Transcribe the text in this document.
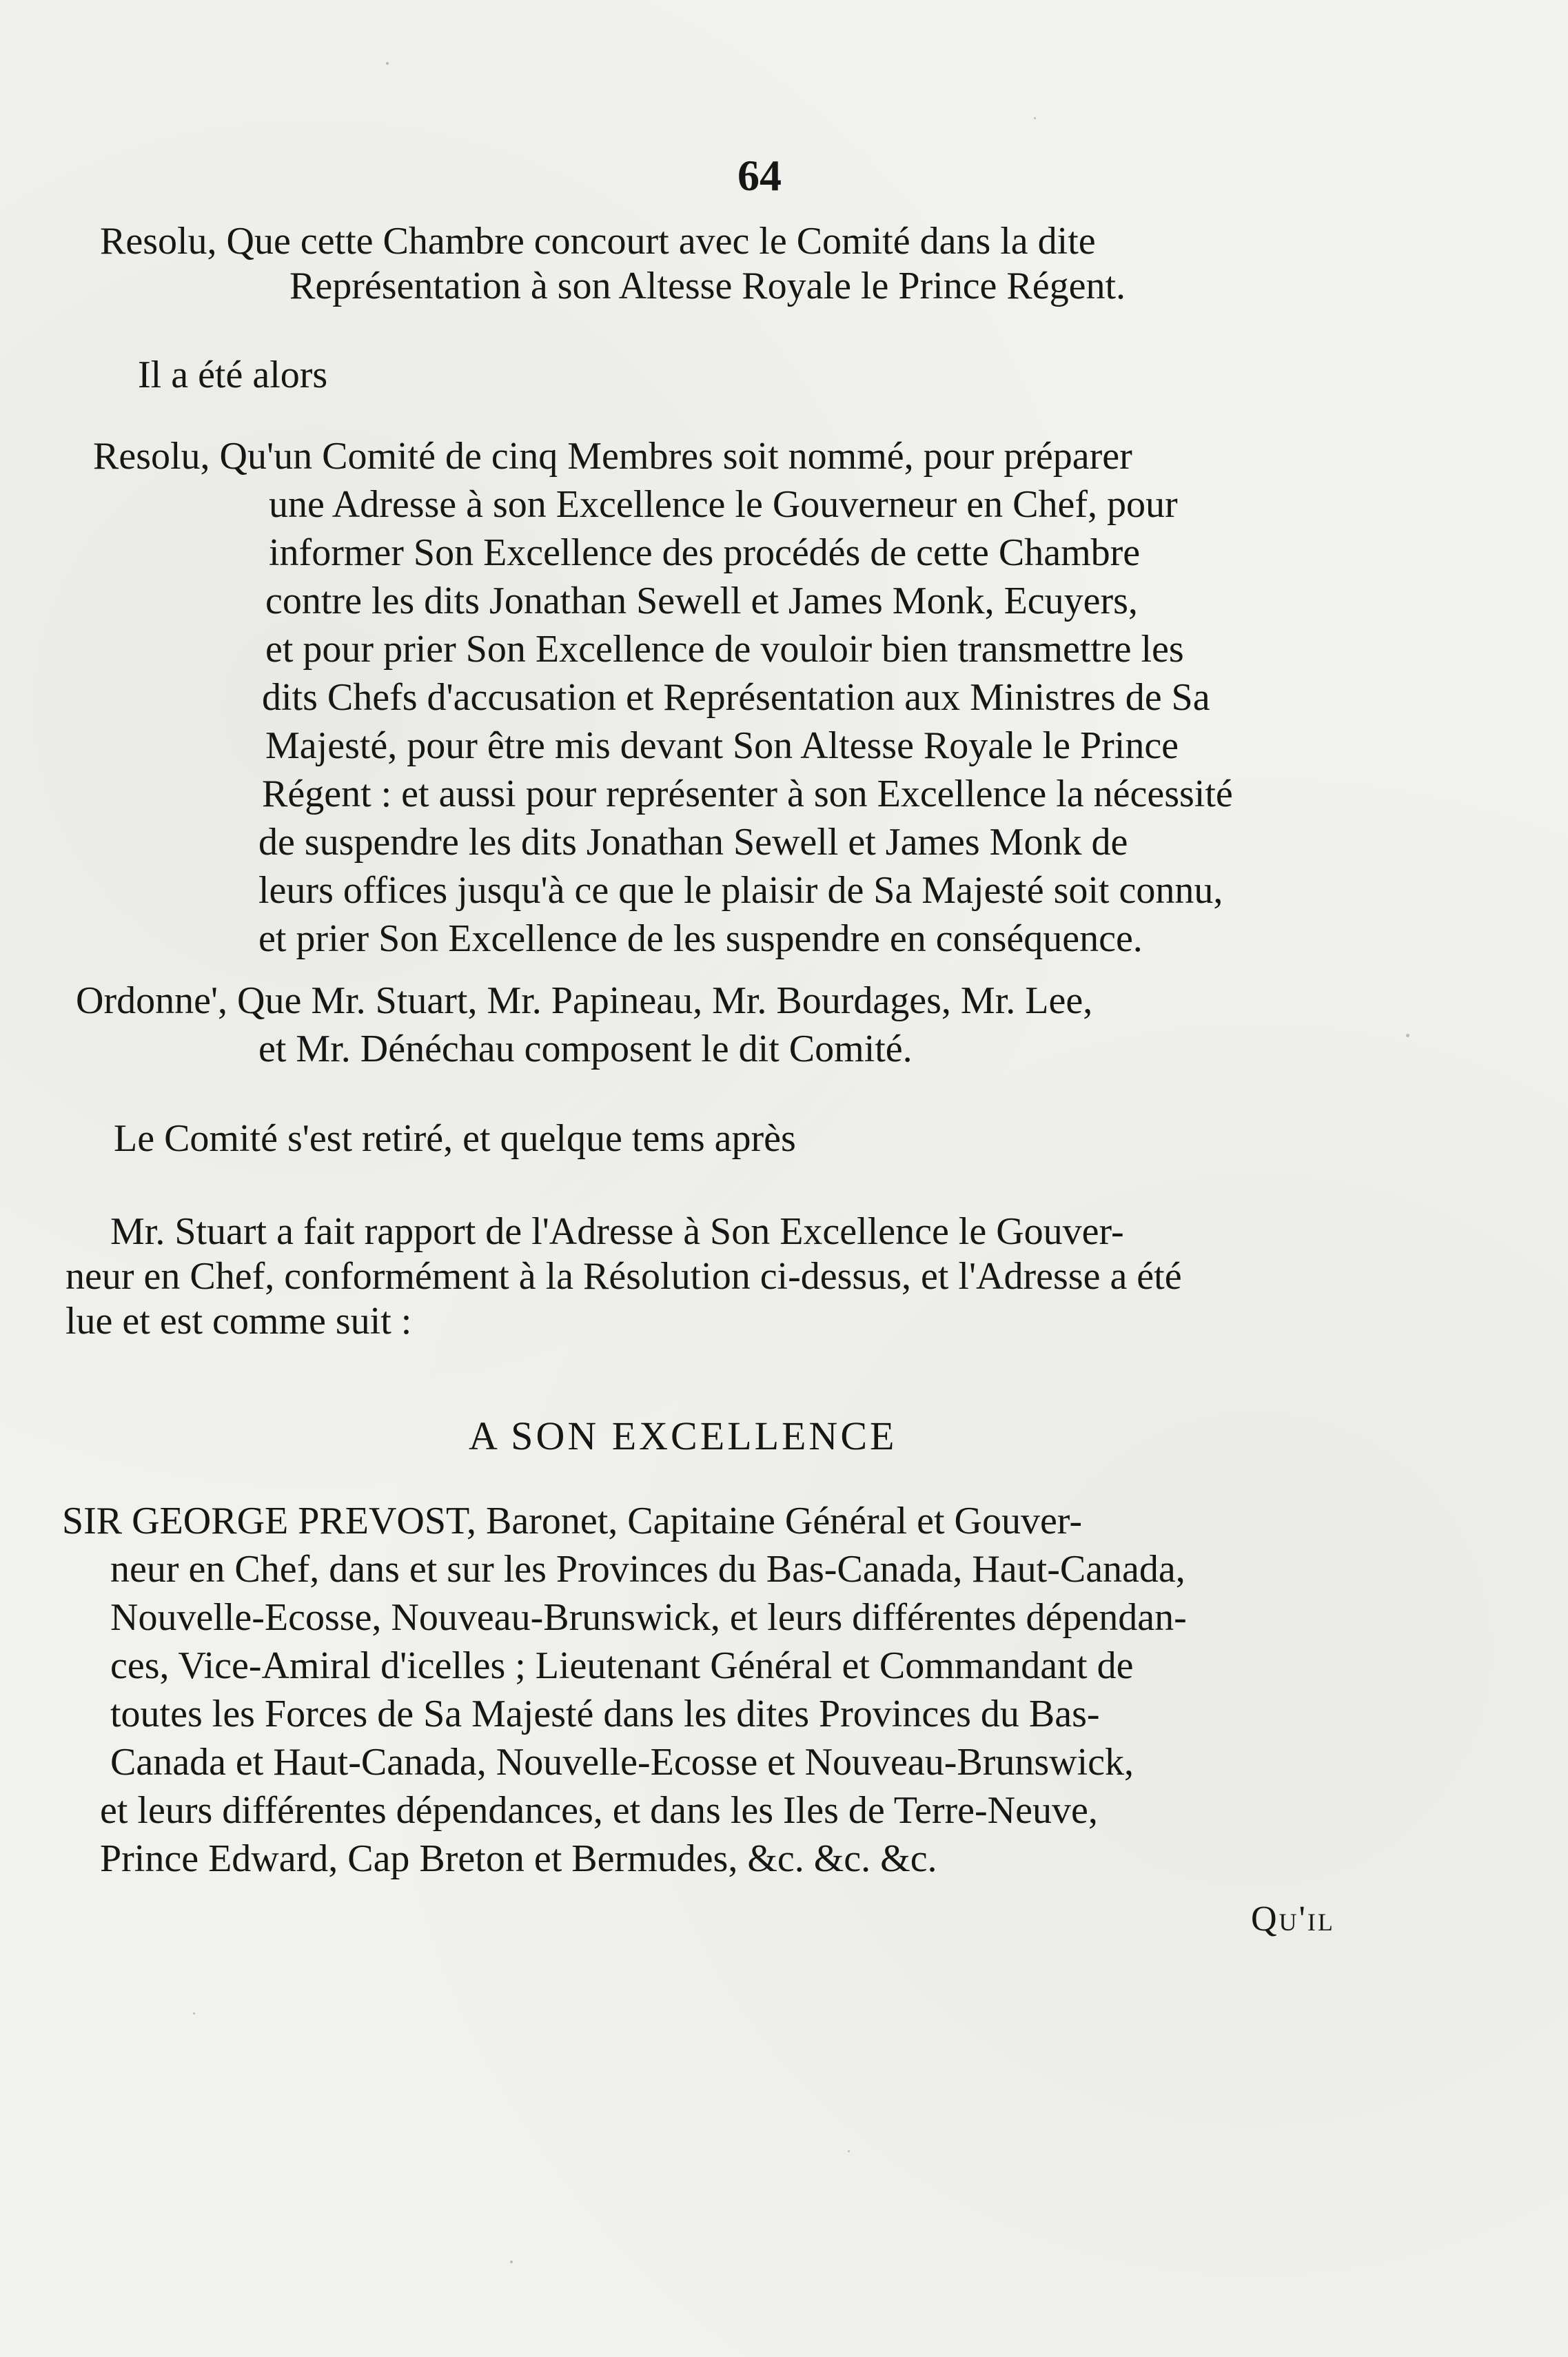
64
Resolu, Que cette Chambre concourt avec le Comité dans la dite
Représentation à son Altesse Royale le Prince Régent.
Il a été alors
Resolu, Qu'un Comité de cinq Membres soit nommé, pour préparer
une Adresse à son Excellence le Gouverneur en Chef, pour
informer Son Excellence des procédés de cette Chambre
contre les dits Jonathan Sewell et James Monk, Ecuyers,
et pour prier Son Excellence de vouloir bien transmettre les
dits Chefs d'accusation et Représentation aux Ministres de Sa
Majesté, pour être mis devant Son Altesse Royale le Prince
Régent : et aussi pour représenter à son Excellence la nécessité
de suspendre les dits Jonathan Sewell et James Monk de
leurs offices jusqu'à ce que le plaisir de Sa Majesté soit connu,
et prier Son Excellence de les suspendre en conséquence.
Ordonne', Que Mr. Stuart, Mr. Papineau, Mr. Bourdages, Mr. Lee,
et Mr. Dénéchau composent le dit Comité.
Le Comité s'est retiré, et quelque tems après
Mr. Stuart a fait rapport de l'Adresse à Son Excellence le Gouver-
neur en Chef, conformément à la Résolution ci-dessus, et l'Adresse a été
lue et est comme suit :
A SON EXCELLENCE
SIR GEORGE PREVOST, Baronet, Capitaine Général et Gouver-
neur en Chef, dans et sur les Provinces du Bas-Canada, Haut-Canada,
Nouvelle-Ecosse, Nouveau-Brunswick, et leurs différentes dépendan-
ces, Vice-Amiral d'icelles ; Lieutenant Général et Commandant de
toutes les Forces de Sa Majesté dans les dites Provinces du Bas-
Canada et Haut-Canada, Nouvelle-Ecosse et Nouveau-Brunswick,
et leurs différentes dépendances, et dans les Iles de Terre-Neuve,
Prince Edward, Cap Breton et Bermudes, &c. &c. &c.
Qu'il
